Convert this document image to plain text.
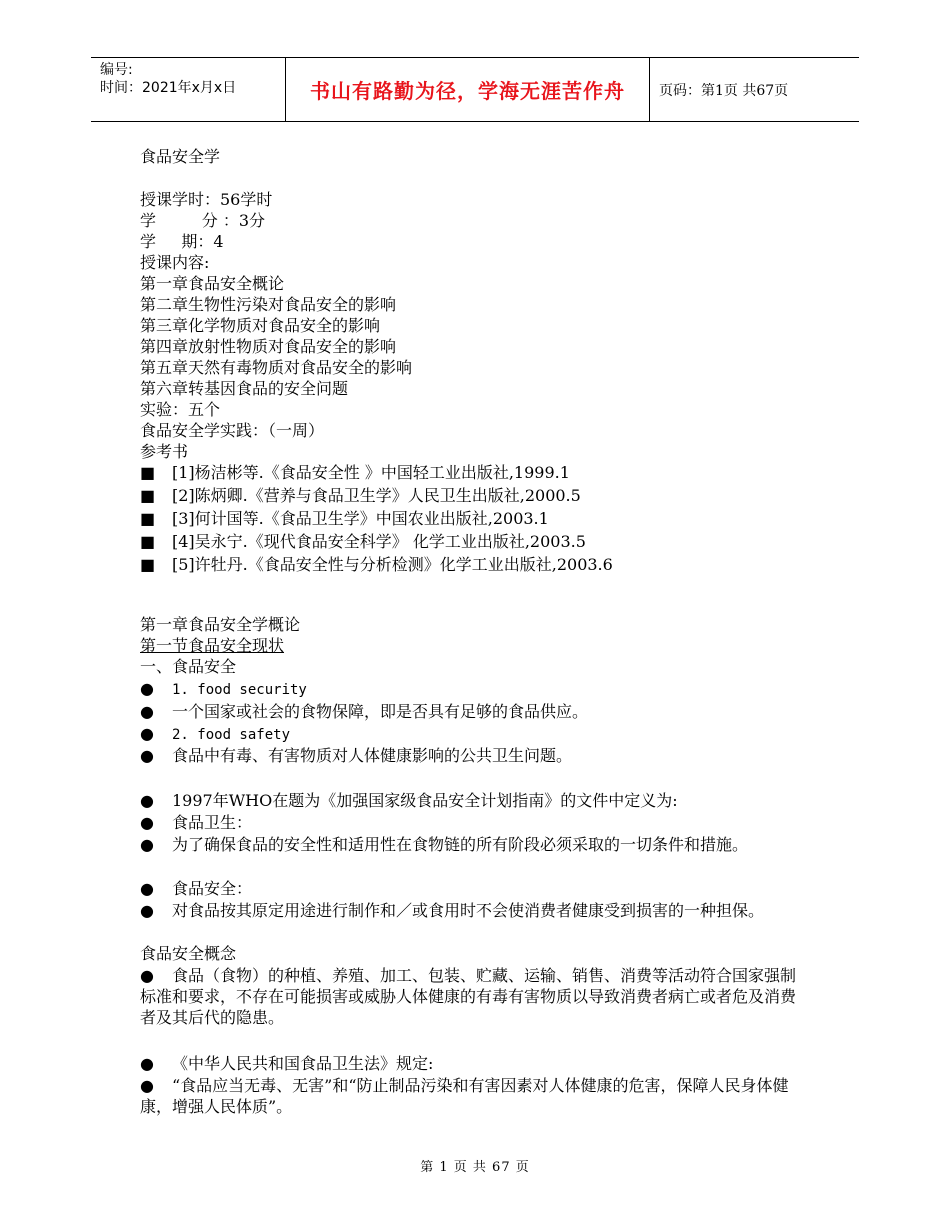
编号:
时间：2021年x月x日	书山有路勤为径，学海无涯苦作舟 页码：第1页 共67页
食品安全学
授课学时：56学时
学         分 ：3分
学     期：4
授课内容:
第一章食品安全概论
第二章生物性污染对食品安全的影响
第三章化学物质对食品安全的影响
第四章放射性物质对食品安全的影响
第五章天然有毒物质对食品安全的影响
第六章转基因食品的安全问题
实验：五个
食品安全学实践：（一周）
参考书
■ [1]杨洁彬等.《食品安全性 》中国轻工业出版社,1999.1
■ [2]陈炳卿.《营养与食品卫生学》人民卫生出版社,2000.5
■ [3]何计国等.《食品卫生学》中国农业出版社,2003.1
■ [4]吴永宁.《现代食品安全科学》 化学工业出版社,2003.5
■ [5]许牡丹.《食品安全性与分析检测》化学工业出版社,2003.6
第一章食品安全学概论
第一节食品安全现状
一、食品安全
● 1. food security
● 一个国家或社会的食物保障，即是否具有足够的食品供应。
● 2. food safety
● 食品中有毒、有害物质对人体健康影响的公共卫生问题。
● 1997年WHO在题为《加强国家级食品安全计划指南》的文件中定义为:
● 食品卫生：
● 为了确保食品的安全性和适用性在食物链的所有阶段必须采取的一切条件和措施。
● 食品安全：
● 对食品按其原定用途进行制作和／或食用时不会使消费者健康受到损害的一种担保。
食品安全概念
● 食品（食物）的种植、养殖、加工、包装、贮藏、运输、销售、消费等活动符合国家强制标准和要求，不存在可能损害或威胁人体健康的有毒有害物质以导致消费者病亡或者危及消费者及其后代的隐患。
● 《中华人民共和国食品卫生法》规定:
● “食品应当无毒、无害”和“防止制品污染和有害因素对人体健康的危害，保障人民身体健康，增强人民体质”。
第 1 页 共 67 页
